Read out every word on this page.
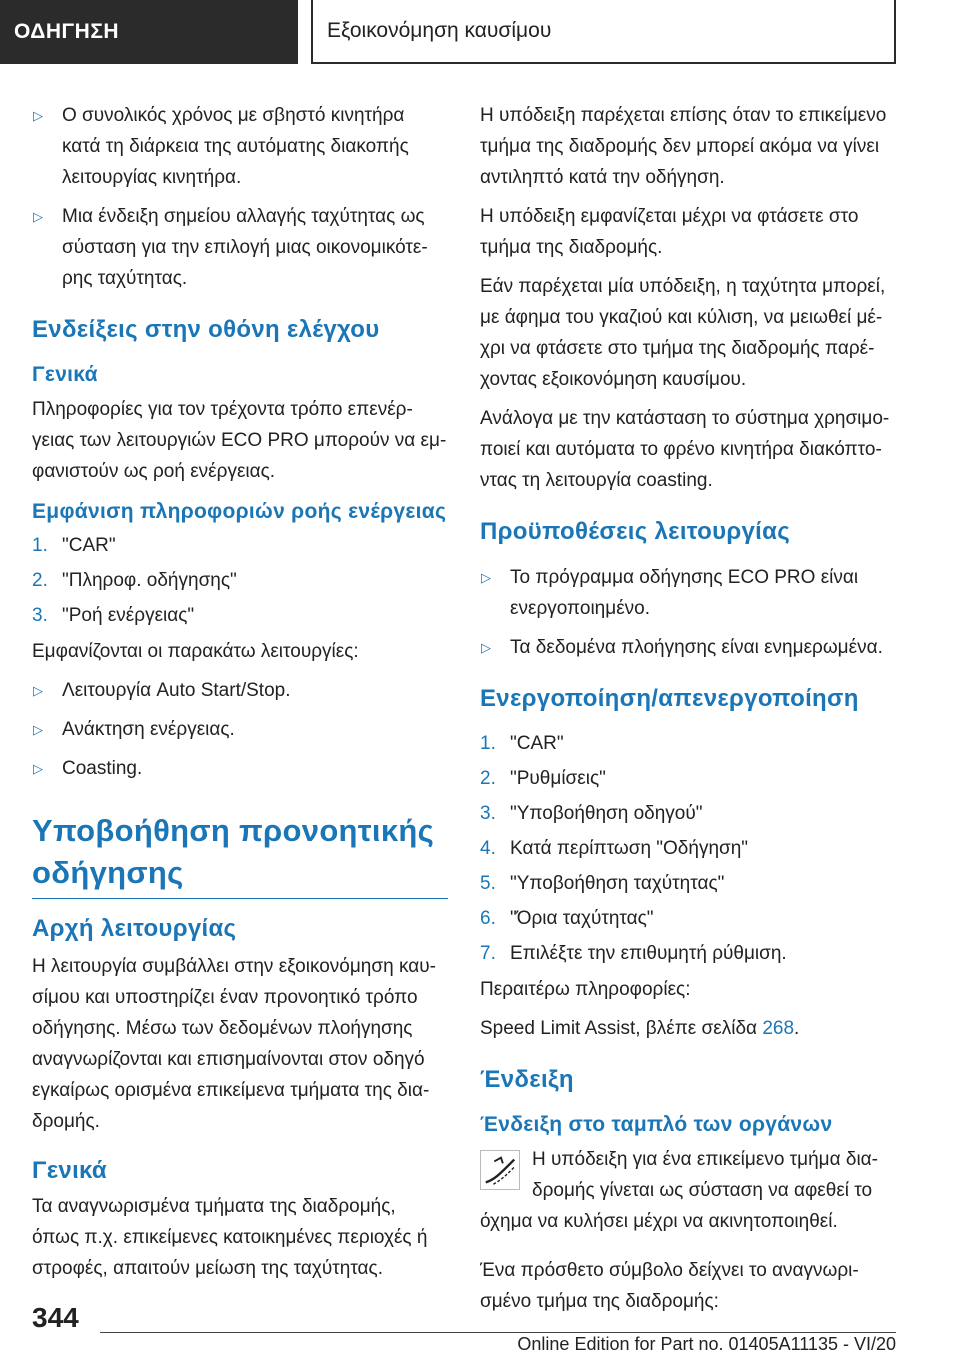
ΟΔΗΓΗΣΗ	Εξοικονόμηση καυσίμου
▷ Ο συνολικός χρόνος με σβηστό κινητήρα κατά τη διάρκεια της αυτόματης διακοπής λειτουργίας κινητήρα.
▷ Μια ένδειξη σημείου αλλαγής ταχύτητας ως σύσταση για την επιλογή μιας οικονομικότε-ρης ταχύτητας.
Ενδείξεις στην οθόνη ελέγχου
Γενικά

Πληροφορίες για τον τρέχοντα τρόπο επενέρ-γειας των λειτουργιών ECO PRO μπορούν να εμ-φανιστούν ως ροή ενέργειας.

Εμφάνιση πληροφοριών ροής ενέργειας
1. "CAR"
2. "Πληροφ. οδήγησης"
3. "Ροή ενέργειας"

Εμφανίζονται οι παρακάτω λειτουργίες:

▷ Λειτουργία Auto Start/Stop.
▷ Ανάκτηση ενέργειας.
▷ Coasting.
Υποβοήθηση προνοητικής οδήγησης
Αρχή λειτουργίας

Η λειτουργία συμβάλλει στην εξοικονόμηση καυ-σίμου και υποστηρίζει έναν προνοητικό τρόπο οδήγησης. Μέσω των δεδομένων πλοήγησης αναγνωρίζονται και επισημαίνονται στον οδηγό εγκαίρως ορισμένα επικείμενα τμήματα της δια-δρομής.

Γενικά

Τα αναγνωρισμένα τμήματα της διαδρομής, όπως π.χ. επικείμενες κατοικημένες περιοχές ή στροφές, απαιτούν μείωση της ταχύτητας.

Η υπόδειξη παρέχεται επίσης όταν το επικείμενο τμήμα της διαδρομής δεν μπορεί ακόμα να γίνει αντιληπτό κατά την οδήγηση.

Η υπόδειξη εμφανίζεται μέχρι να φτάσετε στο τμήμα της διαδρομής.

Εάν παρέχεται μία υπόδειξη, η ταχύτητα μπορεί, με άφημα του γκαζιού και κύλιση, να μειωθεί μέ-χρι να φτάσετε στο τμήμα της διαδρομής παρέ-χοντας εξοικονόμηση καυσίμου.

Ανάλογα με την κατάσταση το σύστημα χρησιμο-ποιεί και αυτόματα το φρένο κινητήρα διακόπτο-ντας τη λειτουργία coasting.

Προϋποθέσεις λειτουργίας
▷ Το πρόγραμμα οδήγησης ECO PRO είναι ενεργοποιημένο.
▷ Τα δεδομένα πλοήγησης είναι ενημερωμένα.
Ενεργοποίηση/απενεργοποίηση
1. "CAR"
2. "Ρυθμίσεις"
3. "Υποβοήθηση οδηγού"
4. Κατά περίπτωση "Οδήγηση"
5. "Υποβοήθηση ταχύτητας"
6. "Όρια ταχύτητας"
7. Επιλέξτε την επιθυμητή ρύθμιση.

Περαιτέρω πληροφορίες:

Speed Limit Assist, βλέπε σελίδα 268.

Ένδειξη
Ένδειξη στο ταμπλό των οργάνων

Η υπόδειξη για ένα επικείμενο τμήμα δια-δρομής γίνεται ως σύσταση να αφεθεί το όχημα να κυλήσει μέχρι να ακινητοποιηθεί.

Ένα πρόσθετο σύμβολο δείχνει το αναγνωρι-σμένο τμήμα της διαδρομής:

344
Online Edition for Part no. 01405A11135 - VI/20
